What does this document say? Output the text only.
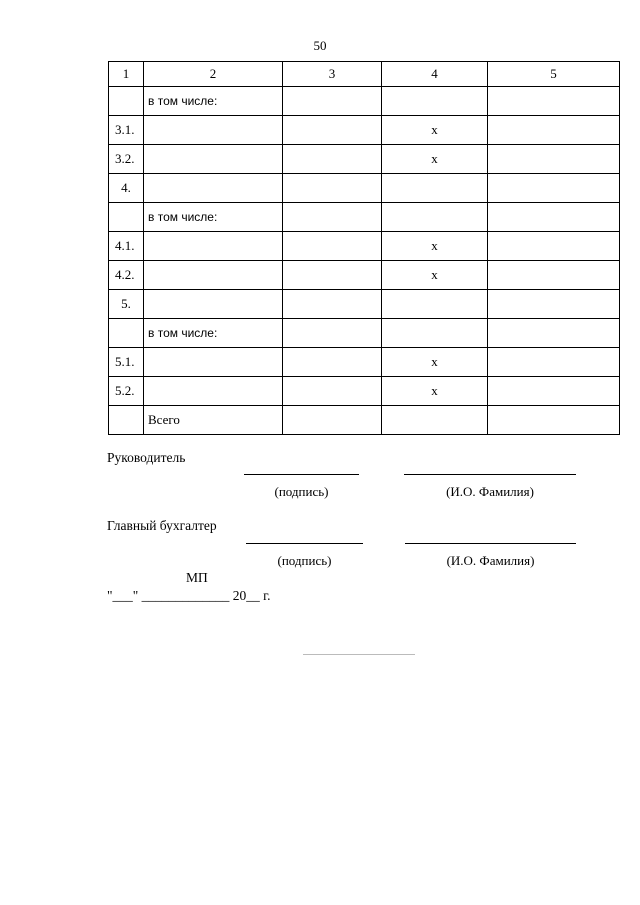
50
1	2	3	4	5
	в том числе:			
3.1.			х	
3.2.			х	
4.				
	в том числе:			
4.1.			х	
4.2.			х	
5.				
	в том числе:			
5.1.			х	
5.2.			х	
	Всего			
Руководитель
(подпись)	(И.О. Фамилия)
Главный бухгалтер
(подпись)	(И.О. Фамилия)
МП
"___" _____________ 20__ г.
